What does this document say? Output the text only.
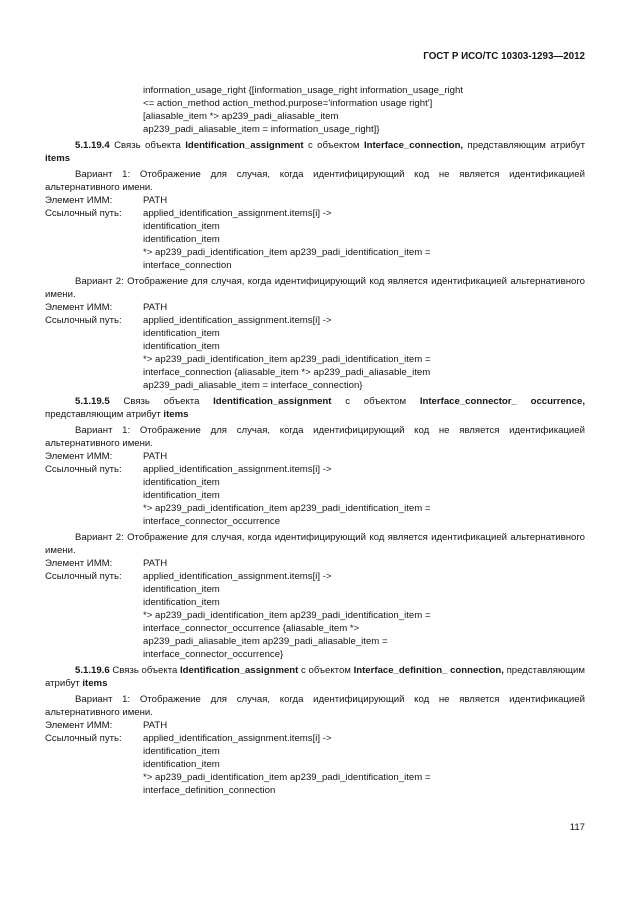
ГОСТ Р ИСО/ТС 10303-1293—2012
information_usage_right {[information_usage_right information_usage_right
<= action_method action_method.purpose='information usage right']
[aliasable_item *> ap239_padi_aliasable_item
ap239_padi_aliasable_item = information_usage_right]}

5.1.19.4 Связь объекта Identification_assignment с объектом Interface_connection, представляющим атрибут items

Вариант 1: Отображение для случая, когда идентифицирующий код не является идентификацией альтернативного имени.

Элемент ИММ:	PATH
Ссылочный путь:	applied_identification_assignment.items[i] ->
identification_item
identification_item
*> ap239_padi_identification_item ap239_padi_identification_item =
interface_connection

Вариант 2: Отображение для случая, когда идентифицирующий код является идентификацией альтернативного имени.

Элемент ИММ:	PATH
Ссылочный путь:	applied_identification_assignment.items[i] ->
identification_item
identification_item
*> ap239_padi_identification_item ap239_padi_identification_item =
interface_connection {aliasable_item *> ap239_padi_aliasable_item
ap239_padi_aliasable_item = interface_connection}

5.1.19.5 Связь объекта Identification_assignment с объектом Interface_connector_ occurrence, представляющим атрибут items

Вариант 1: Отображение для случая, когда идентифицирующий код не является идентификацией альтернативного имени.

Элемент ИММ:	PATH
Ссылочный путь:	applied_identification_assignment.items[i] ->
identification_item
identification_item
*> ap239_padi_identification_item ap239_padi_identification_item =
interface_connector_occurrence

Вариант 2: Отображение для случая, когда идентифицирующий код является идентификацией альтернативного имени.

Элемент ИММ:	PATH
Ссылочный путь:	applied_identification_assignment.items[i] ->
identification_item
identification_item
*> ap239_padi_identification_item ap239_padi_identification_item =
interface_connector_occurrence {aliasable_item *>
ap239_padi_aliasable_item ap239_padi_aliasable_item =
interface_connector_occurrence}

5.1.19.6 Связь объекта Identification_assignment с объектом Interface_definition_ connection, представляющим атрибут items

Вариант 1: Отображение для случая, когда идентифицирующий код не является идентификацией альтернативного имени.

Элемент ИММ:	PATH
Ссылочный путь:	applied_identification_assignment.items[i] ->
identification_item
identification_item
*> ap239_padi_identification_item ap239_padi_identification_item =
interface_definition_connection
117
